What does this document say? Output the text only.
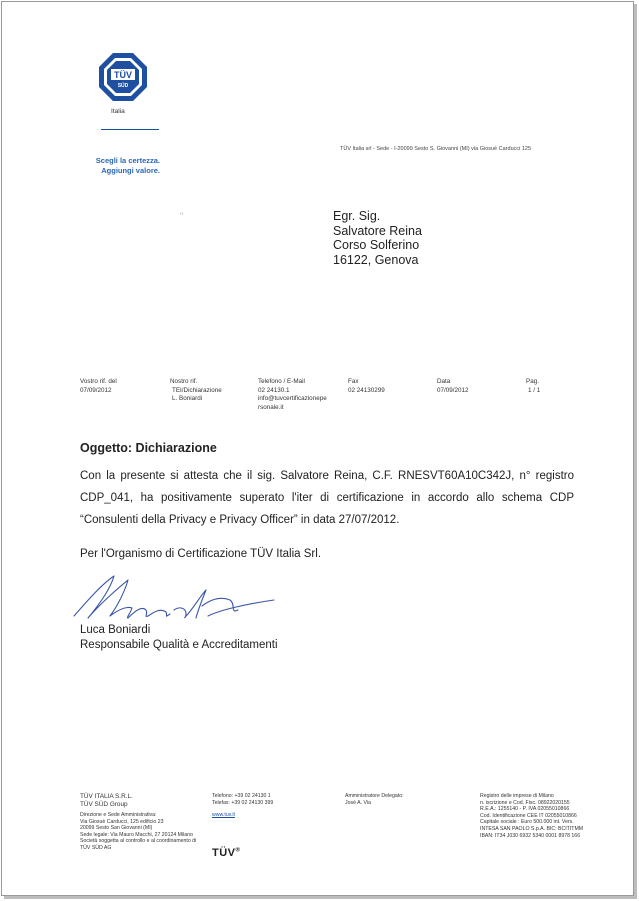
TÜV
SÜD
Italia
Scegli la certezza.
Aggiungi valore.
TÜV Italia srl - Sede - I-20099 Sesto S. Giovanni (MI) via Giosuè Carducci 125
ʼʼ	Egr. Sig.
Salvatore Reina
Corso Solferino
16122, Genova
Vostro rif. del
07/09/2012
Nostro rif.
TEI/Dichiarazione
L. Boniardi
Telefono / E-Mail
02 24130.1
info@tuvcertificazionepe
rsonale.it
Fax
02 24130299
Data
07/09/2012
Pag.
1 / 1
Oggetto: Dichiarazione
Con la presente si attesta che il sig. Salvatore Reina, C.F. RNESVT60A10C342J, n° registro CDP_041, ha positivamente superato l'iter di certificazione in accordo allo schema CDP “Consulenti della Privacy e Privacy Officer” in data 27/07/2012.
Per l'Organismo di Certificazione TÜV Italia Srl.
Luca Boniardi
Responsabile Qualità e Accreditamenti
TÜV ITALIA S.R.L.
TÜV SÜD Group
Direzione e Sede Amministrativa:
Via Giosuè Carducci, 125 edificio 23
20099 Sesto San Giovanni (MI)
Sede legale: Via Mauro Macchi, 27 20124 Milano
Società soggetta al controllo e al coordinamento di
TÜV SÜD AG
Telefono: +39 02 24130 1
Telefax: +39 02 24130 399
www.tuv.it
TÜV®
Amministratore Delegato:
José A. Via
Registro delle imprese di Milano
n. iscrizione e Cod. Fisc. 08922020155
R.E.A.: 1255140 - P. IVA 02055010866
Cod. Identificazione CEE IT 02055010866
Capitale sociale : Euro 500.000 int. Vers.
INTESA SAN PAOLO S.p.A. BIC: BCITITMM
IBAN: IT34 J030 6932 5340 0001 8978 166
